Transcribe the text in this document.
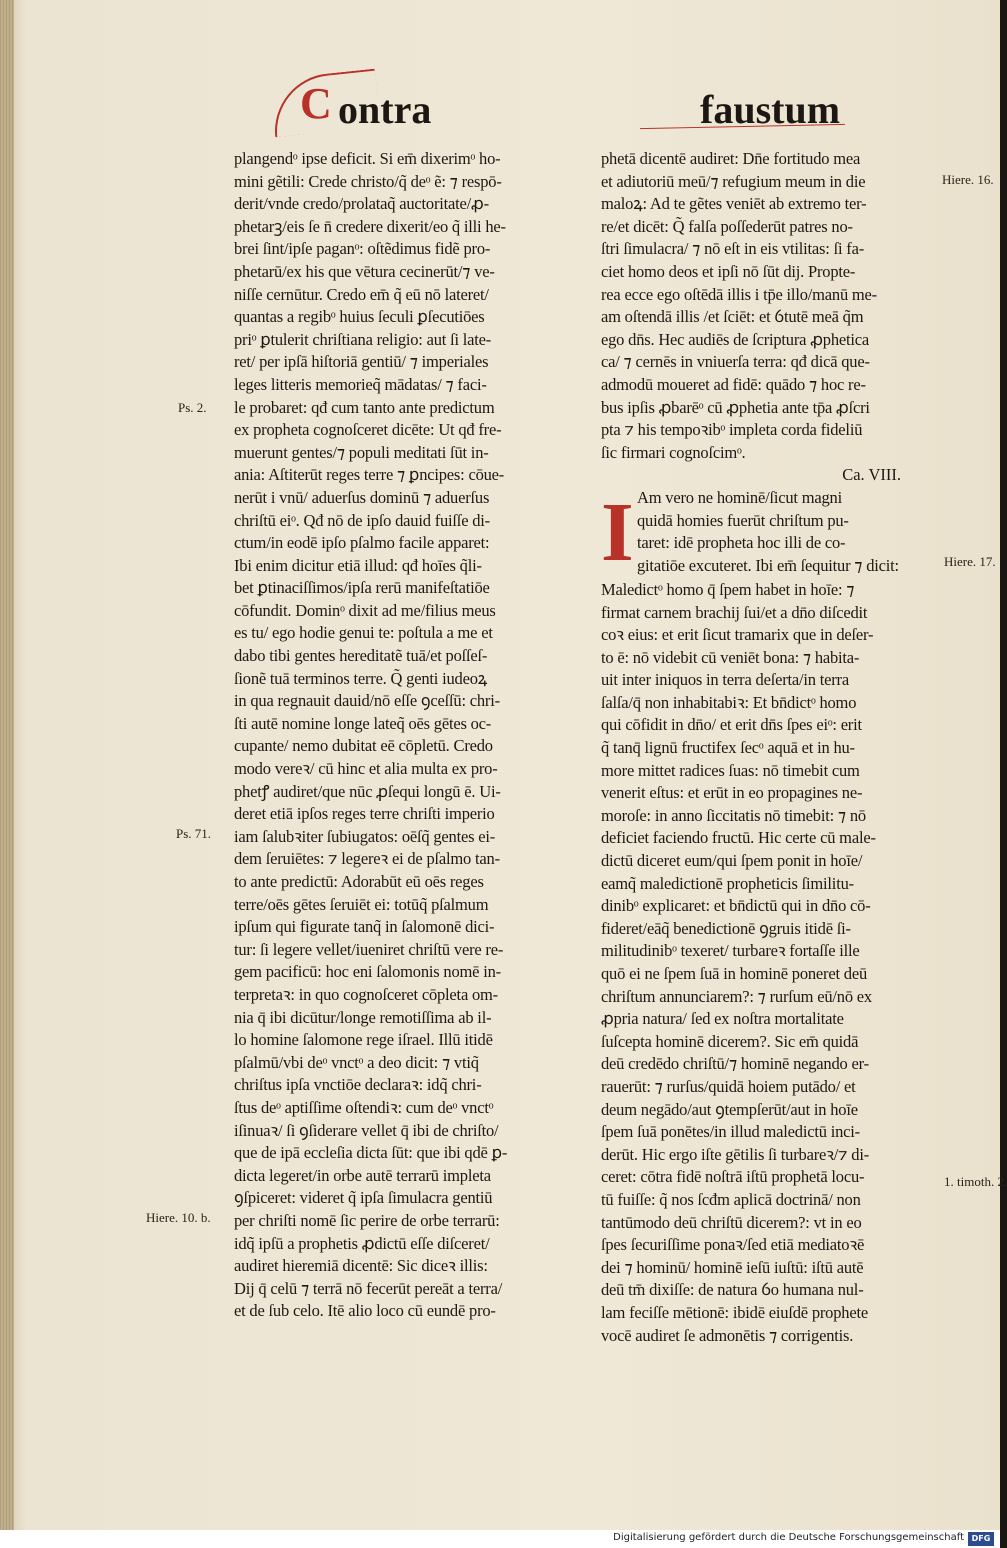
C ontra	faustum
plangendᵒ ipse deficit. Si em̄ dixerimᵒ ho-
mini gẽtili: Crede christo/q̃ deᵒ ẽ: ⁊ respō-
derit/vnde credo/prolataq̃ auctoritate/ꝓ-
phetarꝫ/eis ſe n̄ credere dixerit/eo q̃ illi he-
brei ſint/ipſe paganᵒ: oſtẽdimus fidẽ pro-
phetarū/ex his que vētura cecinerūt/⁊ ve-
niſſe cernūtur. Credo em̄ q̃ eū nō lateret/
quantas a regibᵒ huius ſeculi ꝑſecutiōes
priᵒ ꝑtulerit chriſtiana religio: aut ſi late-
ret/ per ipſā hiſtoriā gentiū/ ⁊ imperiales
leges litteris memorieq̃ mādatas/ ⁊ faci-
le probaret: qđ cum tanto ante predictum
ex propheta cognoſceret dicēte: Ut qđ fre-
muerunt gentes/⁊ populi meditati ſūt in-
ania: Aſtiterūt reges terre ⁊ ꝑncipes: cōue-
nerūt i vnū/ aduerſus dominū ⁊ aduerſus
chriſtū eiᵒ. Qđ nō de ipſo dauid fuiſſe di-
ctum/in eodē ipſo pſalmo facile apparet:
Ibi enim dicitur etiā illud: qđ hoīes q̃li-
bet ꝑtinaciſſimos/ipſa rerū manifeſtatiōe
cōfundit. Dominᵒ dixit ad me/filius meus
es tu/ ego hodie genui te: poſtula a me et
dabo tibi gentes hereditatẽ tuā/et poſſeſ-
ſionẽ tuā terminos terre. Q̃ genti iudeoꝝ
in qua regnauit dauid/nō eſſe ꝯceſſū: chri-
ſti autē nomine longe lateq̃ oēs gētes oc-
cupante/ nemo dubitat eē cōpletū. Credo
modo vereꝛ/ cū hinc et alia multa ex pro-
phetꝭ audiret/que nūc ꝓſequi longū ē. Ui-
deret etiā ipſos reges terre chriſti imperio
iam ſalubꝛiter ſubiugatos: oēſq̃ gentes ei-
dem ſeruiētes: ⁊ legereꝛ ei de pſalmo tan-
to ante predictū: Adorabūt eū oēs reges
terre/oēs gētes ſeruiēt ei: totūq̃ pſalmum
ipſum qui figurate tanq̃ in ſalomonē dici-
tur: ſi legere vellet/iueniret chriſtū vere re-
gem pacificū: hoc eni ſalomonis nomē in-
terpretaꝛ: in quo cognoſceret cōpleta om-
nia q̄ ibi dicūtur/longe remotiſſima ab il-
lo homine ſalomone rege iſrael. Illū itidē
pſalmū/vbi deᵒ vnctᵒ a deo dicit: ⁊ vtiq̃
chriſtus ipſa vnctiōe declaraꝛ: idq̃ chri-
ſtus deᵒ aptiſſime oſtendiꝛ: cum deᵒ vnctᵒ
iſinuaꝛ/ ſi ꝯſiderare vellet q̄ ibi de chriſto/
que de ipā eccleſia dicta ſūt: que ibi qdē ꝑ-
dicta legeret/in orbe autē terrarū impleta
ꝯſpiceret: videret q̃ ipſa ſimulacra gentiū
per chriſti nomē ſic perire de orbe terrarū:
idq̃ ipſū a prophetis ꝓdictū eſſe diſceret/
audiret hieremiā dicentē: Sic diceꝛ illis:
Dij q̄ celū ⁊ terrā nō fecerūt pereāt a terra/
et de ſub celo. Itē alio loco cū eundē pro-
phetā dicentē audiret: Dn̄e fortitudo mea
et adiutoriū meū/⁊ refugium meum in die
maloꝝ: Ad te gẽtes veniēt ab extremo ter-
re/et dicēt: Q̃ falſa poſſederūt patres no-
ſtri ſimulacra/ ⁊ nō eſt in eis vtilitas: ſi fa-
ciet homo deos et ipſi nō ſūt dij. Propte-
rea ecce ego oſtēdā illis i tp̄e illo/manū me-
am oſtendā illis /et ſciēt: et ỽtutē meā q̃m
ego dn̄s. Hec audiēs de ſcriptura ꝓphetica
ca/ ⁊ cernēs in vniuerſa terra: qđ dicā que-
admodū moueret ad fidē: quādo ⁊ hoc re-
bus ipſis ꝓbarēᵒ cū ꝓphetia ante tp̄a ꝓſcri
pta ⁊ his tempoꝛibᵒ impleta corda fideliū
ſic firmari cognoſcimᵒ.
Ca. VIII.
I Am vero ne hominē/ſicut magni
quidā homies fuerūt chriſtum pu-
taret: idē propheta hoc illi de co-
gitatiōe excuteret. Ibi em̄ ſequitur ⁊ dicit:
Maledictᵒ homo q̄ ſpem habet in hoīe: ⁊
firmat carnem brachij ſui/et a dn̄o diſcedit
coꝛ eius: et erit ſicut tramarix que in deſer-
to ē: nō videbit cū veniēt bona: ⁊ habita-
uit inter iniquos in terra deſerta/in terra
ſalſa/q̄ non inhabitabiꝛ: Et bn̄dictᵒ homo
qui cōfidit in dn̄o/ et erit dn̄s ſpes eiᵒ: erit
q̃ tanq̄ lignū fructifex ſecᵒ aquā et in hu-
more mittet radices ſuas: nō timebit cum
venerit eſtus: et erūt in eo propagines ne-
moroſe: in anno ſiccitatis nō timebit: ⁊ nō
deficiet faciendo fructū. Hic certe cū male-
dictū diceret eum/qui ſpem ponit in hoīe/
eamq̃ maledictionē propheticis ſimilitu-
dinibᵒ explicaret: et bn̄dictū qui in dn̄o cō-
fideret/eāq̃ benedictionē ꝯgruis itidē ſi-
militudinibᵒ texeret/ turbareꝛ fortaſſe ille
quō ei ne ſpem ſuā in hominē poneret deū
chriſtum annunciarem?: ⁊ rurſum eū/nō ex
ꝓpria natura/ ſed ex noſtra mortalitate
ſuſcepta hominē dicerem?. Sic em̄ quidā
deū credēdo chriſtū/⁊ hominē negando er-
rauerūt: ⁊ rurſus/quidā hoiem putādo/ et
deum negādo/aut ꝯtempſerūt/aut in hoīe
ſpem ſuā ponētes/in illud maledictū inci-
derūt. Hic ergo iſte gētilis ſi turbareꝛ/⁊ di-
ceret: cōtra fidē noſtrā iſtū prophetā locu-
tū fuiſſe: q̃ nos ſcđm aplicā doctrinā/ non
tantūmodo deū chriſtū dicerem?: vt in eo
ſpes ſecuriſſime ponaꝛ/ſed etiā mediatoꝛē
dei ⁊ hominū/ hominē ieſū iuſtū: iſtū autē
deū tm̄ dixiſſe: de natura ỽo humana nul-
lam feciſſe mētionē: ibidē eiuſdē prophete
vocē audiret ſe admonētis ⁊ corrigentis.
Ps. 2.
Ps. 71.
Hiere. 10. b.
Hiere. 16.
Hiere. 17.
1. timoth. 2.
Digitalisierung gefördert durch die Deutsche Forschungsgemeinschaft DFG
